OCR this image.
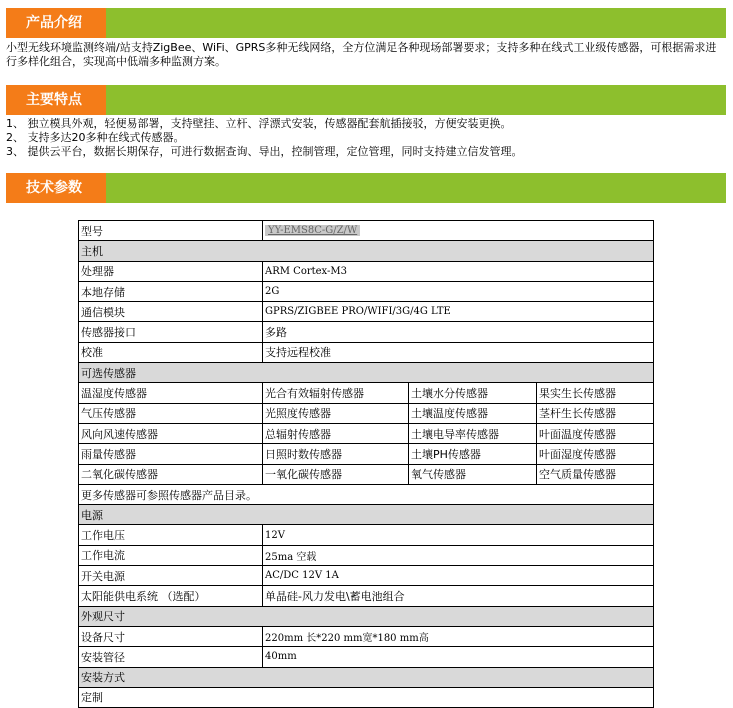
产品介绍

小型无线环境监测终端/站支持ZigBee、WiFi、GPRS多种无线网络，全方位满足各种现场部署要求；支持多种在线式工业级传感器，可根据需求进行多样化组合，实现高中低端多种监测方案。

主要特点

1、 独立模具外观，轻便易部署，支持壁挂、立杆、浮漂式安装，传感器配套航插接驳，方便安装更换。

2、 支持多达20多种在线式传感器。

3、 提供云平台，数据长期保存，可进行数据查询、导出，控制管理，定位管理，同时支持建立信发管理。

技术参数
型号	YY-EMS8C-G/Z/W		
主机			
处理器	ARM Cortex-M3		
本地存储	2G		
通信模块	GPRS/ZIGBEE PRO/WIFI/3G/4G LTE		
传感器接口	多路		
校准	支持远程校准		
可选传感器			
温湿度传感器	光合有效辐射传感器	土壤水分传感器	果实生长传感器
气压传感器	光照度传感器	土壤温度传感器	茎杆生长传感器
风向风速传感器	总辐射传感器	土壤电导率传感器	叶面温度传感器
雨量传感器	日照时数传感器	土壤PH传感器	叶面湿度传感器
二氧化碳传感器	一氧化碳传感器	氧气传感器	空气质量传感器
更多传感器可参照传感器产品目录。			
电源			
工作电压	12V		
工作电流	25ma 空载		
开关电源	AC/DC 12V 1A		
太阳能供电系统 （选配）	单晶硅-风力发电\蓄电池组合		
外观尺寸			
设备尺寸	220mm 长*220 mm宽*180 mm高		
安装管径	40mm		
安装方式			
定制			
